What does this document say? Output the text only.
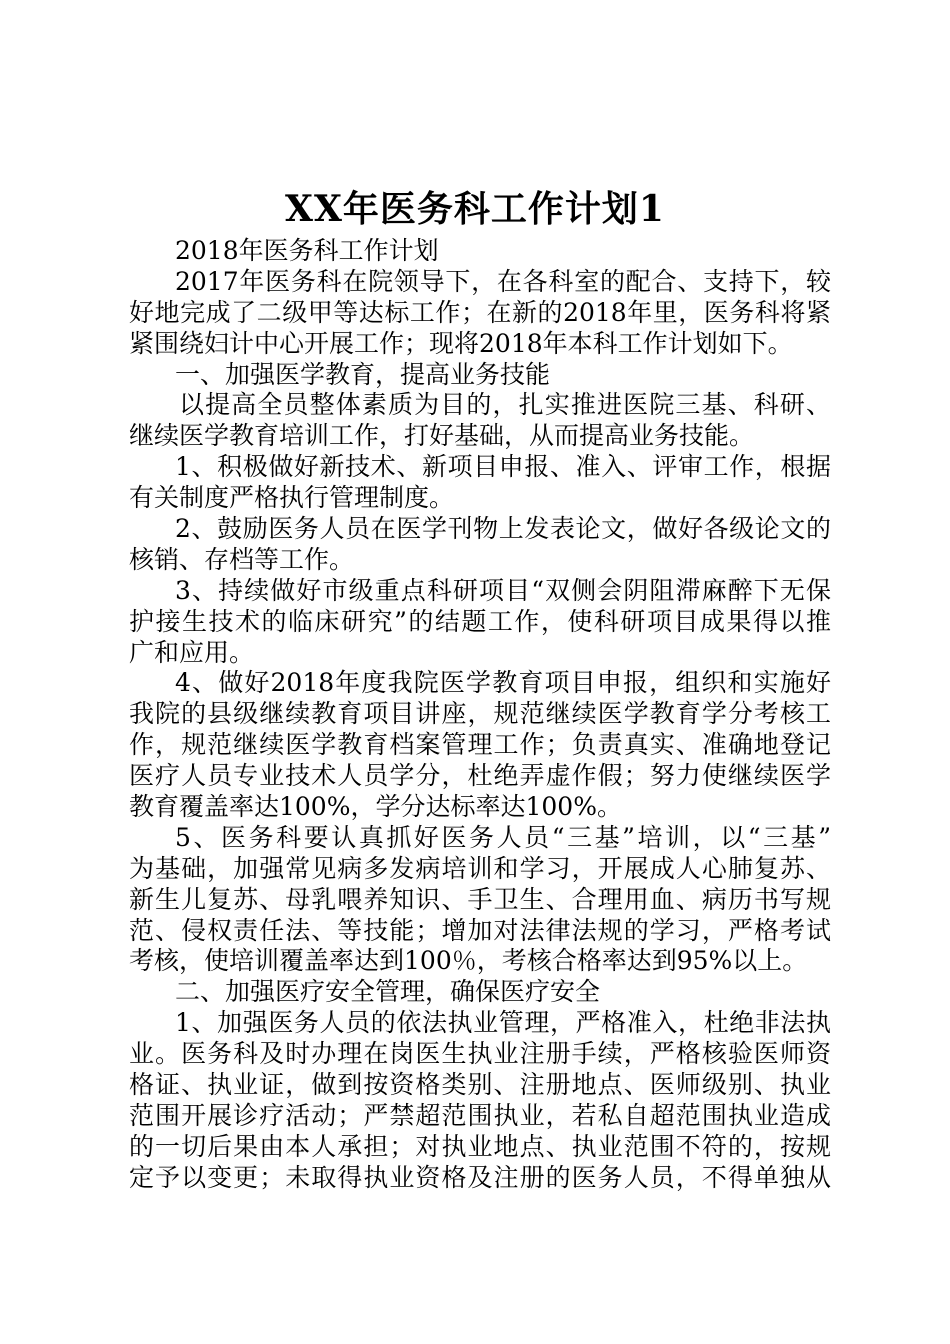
XX年医务科工作计划1
2018年医务科工作计划
2017年医务科在院领导下，在各科室的配合、支持下，较
好地完成了二级甲等达标工作；在新的2018年里，医务科将紧
紧围绕妇计中心开展工作；现将2018年本科工作计划如下。
一、加强医学教育，提高业务技能
以提高全员整体素质为目的，扎实推进医院三基、科研、
继续医学教育培训工作，打好基础，从而提高业务技能。
1、积极做好新技术、新项目申报、准入、评审工作，根据
有关制度严格执行管理制度。
2、鼓励医务人员在医学刊物上发表论文，做好各级论文的
核销、存档等工作。
3、持续做好市级重点科研项目“双侧会阴阻滞麻醉下无保
护接生技术的临床研究”的结题工作，使科研项目成果得以推
广和应用。
4、做好2018年度我院医学教育项目申报，组织和实施好
我院的县级继续教育项目讲座，规范继续医学教育学分考核工
作，规范继续医学教育档案管理工作；负责真实、准确地登记
医疗人员专业技术人员学分，杜绝弄虚作假；努力使继续医学
教育覆盖率达100%，学分达标率达100%。
5、医务科要认真抓好医务人员“三基”培训，以“三基”
为基础，加强常见病多发病培训和学习，开展成人心肺复苏、
新生儿复苏、母乳喂养知识、手卫生、合理用血、病历书写规
范、侵权责任法、等技能；增加对法律法规的学习，严格考试
考核，使培训覆盖率达到100％，考核合格率达到95%以上。
二、加强医疗安全管理，确保医疗安全
1、加强医务人员的依法执业管理，严格准入，杜绝非法执
业。医务科及时办理在岗医生执业注册手续，严格核验医师资
格证、执业证，做到按资格类别、注册地点、医师级别、执业
范围开展诊疗活动；严禁超范围执业，若私自超范围执业造成
的一切后果由本人承担；对执业地点、执业范围不符的，按规
定予以变更；未取得执业资格及注册的医务人员，不得单独从
